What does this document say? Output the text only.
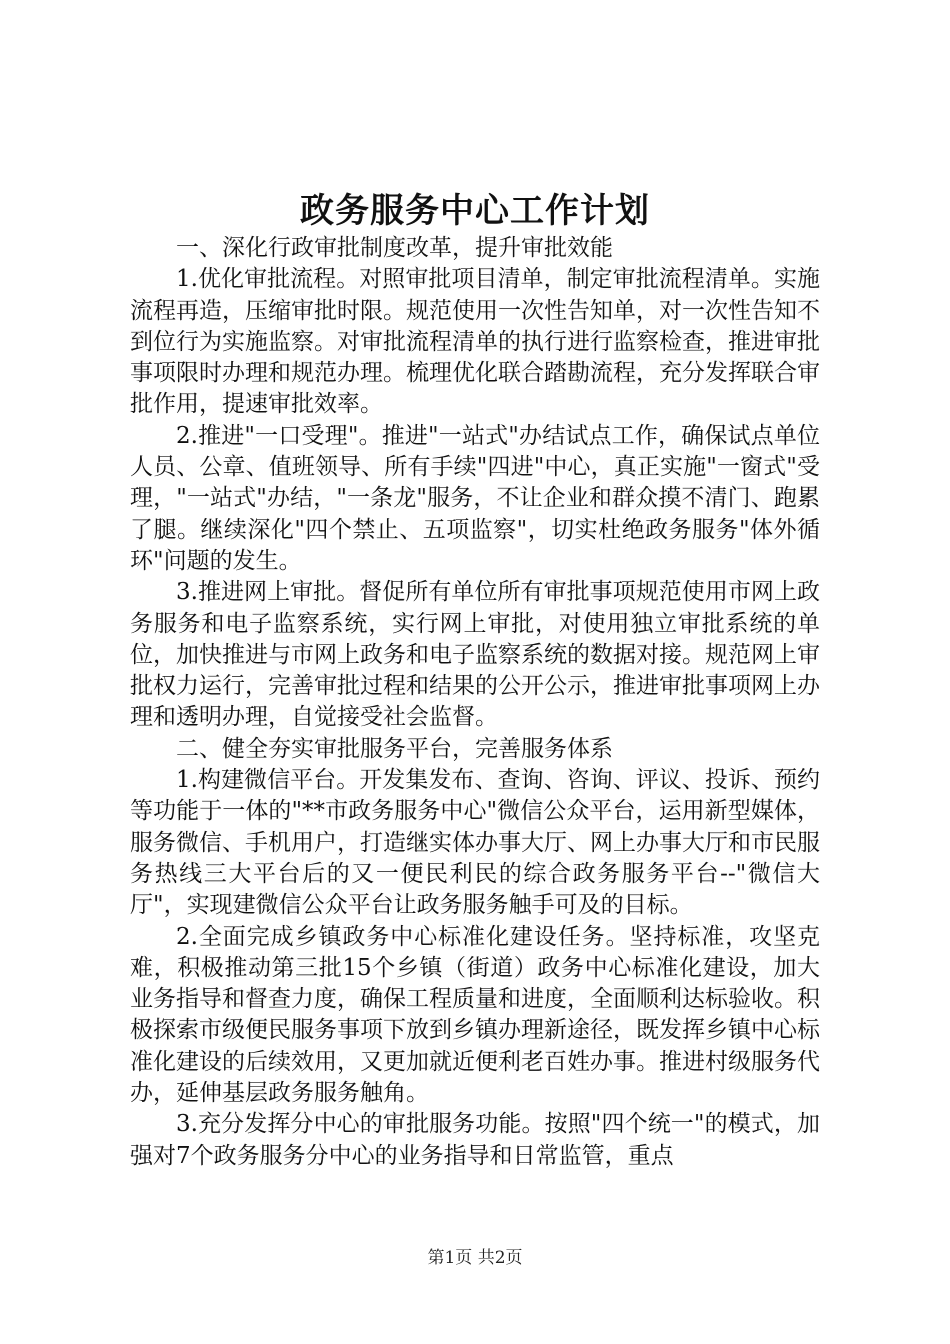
政务服务中心工作计划

一、深化行政审批制度改革，提升审批效能

1.优化审批流程。对照审批项目清单，制定审批流程清单。实施流程再造，压缩审批时限。规范使用一次性告知单，对一次性告知不到位行为实施监察。对审批流程清单的执行进行监察检查，推进审批事项限时办理和规范办理。梳理优化联合踏勘流程，充分发挥联合审批作用，提速审批效率。

2.推进"一口受理"。推进"一站式"办结试点工作，确保试点单位人员、公章、值班领导、所有手续"四进"中心，真正实施"一窗式"受理，"一站式"办结，"一条龙"服务，不让企业和群众摸不清门、跑累了腿。继续深化"四个禁止、五项监察"，切实杜绝政务服务"体外循环"问题的发生。

3.推进网上审批。督促所有单位所有审批事项规范使用市网上政务服务和电子监察系统，实行网上审批，对使用独立审批系统的单位，加快推进与市网上政务和电子监察系统的数据对接。规范网上审批权力运行，完善审批过程和结果的公开公示，推进审批事项网上办理和透明办理，自觉接受社会监督。

二、健全夯实审批服务平台，完善服务体系

1.构建微信平台。开发集发布、查询、咨询、评议、投诉、预约等功能于一体的"**市政务服务中心"微信公众平台，运用新型媒体，服务微信、手机用户，打造继实体办事大厅、网上办事大厅和市民服务热线三大平台后的又一便民利民的综合政务服务平台--"微信大厅"，实现建微信公众平台让政务服务触手可及的目标。

2.全面完成乡镇政务中心标准化建设任务。坚持标准，攻坚克难，积极推动第三批15个乡镇（街道）政务中心标准化建设，加大业务指导和督查力度，确保工程质量和进度，全面顺利达标验收。积极探索市级便民服务事项下放到乡镇办理新途径，既发挥乡镇中心标准化建设的后续效用，又更加就近便利老百姓办事。推进村级服务代办，延伸基层政务服务触角。

3.充分发挥分中心的审批服务功能。按照"四个统一"的模式，加强对7个政务服务分中心的业务指导和日常监管，重点

第1页 共2页
